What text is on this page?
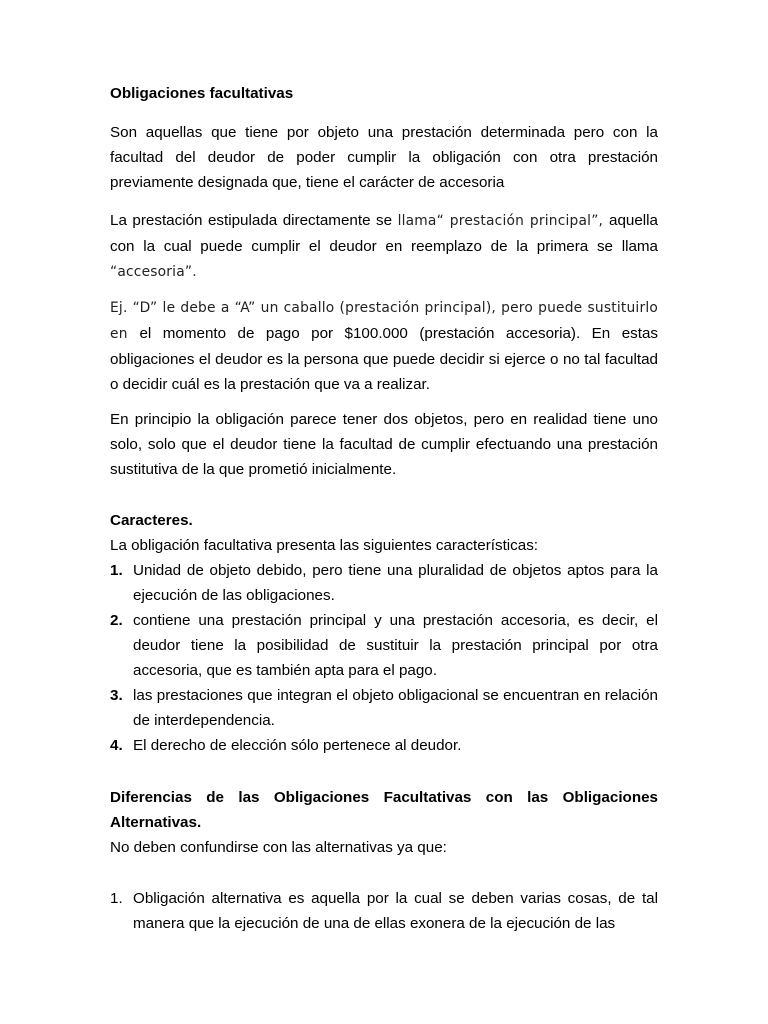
Obligaciones facultativas

Son aquellas que tiene por objeto una prestación determinada pero con la facultad del deudor de poder cumplir la obligación con otra prestación previamente designada que, tiene el carácter de accesoria

La prestación estipulada directamente se llama“ prestación principal”, aquella con la cual puede cumplir el deudor en reemplazo de la primera se llama “accesoria”.

Ej. “D” le debe a “A” un caballo (prestación principal), pero puede sustituirlo en el momento de pago por $100.000 (prestación accesoria). En estas obligaciones el deudor es la persona que puede decidir si ejerce o no tal facultad o decidir cuál es la prestación que va a realizar.

En principio la obligación parece tener dos objetos, pero en realidad tiene uno solo, solo que el deudor tiene la facultad de cumplir efectuando una prestación sustitutiva de la que prometió inicialmente.

Caracteres.

La obligación facultativa presenta las siguientes características:

1. Unidad de objeto debido, pero tiene una pluralidad de objetos aptos para la ejecución de las obligaciones.
2. contiene una prestación principal y una prestación accesoria, es decir, el deudor tiene la posibilidad de sustituir la prestación principal por otra accesoria, que es también apta para el pago.
3. las prestaciones que integran el objeto obligacional se encuentran en relación de interdependencia.
4. El derecho de elección sólo pertenece al deudor.

Diferencias de las Obligaciones Facultativas con las Obligaciones Alternativas.

No deben confundirse con las alternativas ya que:

1. Obligación alternativa es aquella por la cual se deben varias cosas, de tal manera que la ejecución de una de ellas exonera de la ejecución de las
